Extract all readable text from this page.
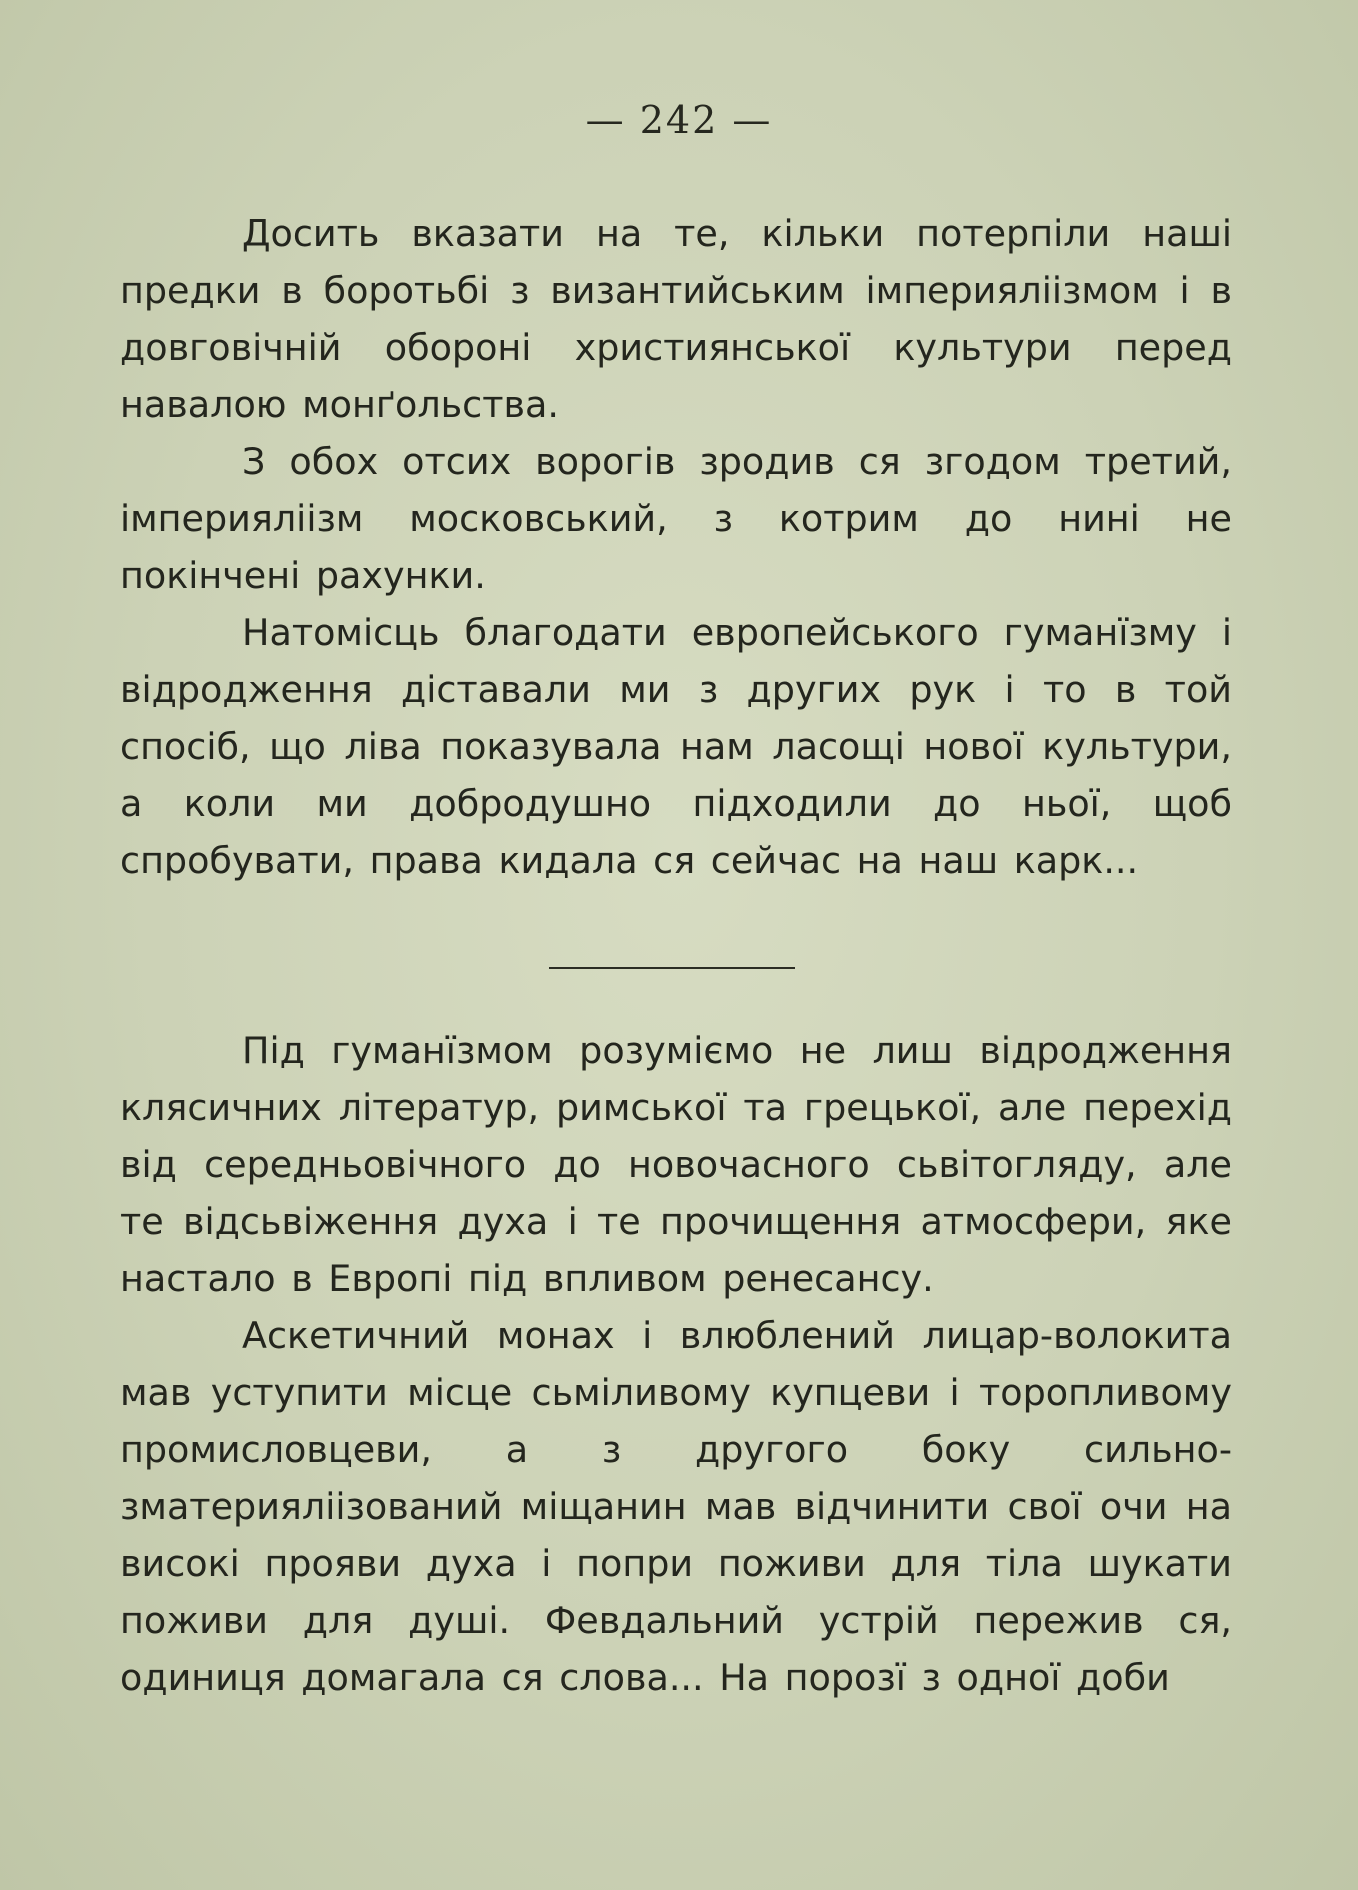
— 242 —

Досить вказати на те, кільки потерпіли наші предки в боротьбі з византийським імперияліізмом і в довговічній обороні християнської культури перед навалою монґольства.

З обох отсих ворогів зродив ся згодом третий, імперияліізм московський, з котрим до нині не покінчені рахунки.

Натомісць благодати европейського гуманїзму і відродження діставали ми з других рук і то в той спосіб, що ліва показувала нам ласощі нової культури, а коли ми добродушно підходили до ньої, щоб спробувати, права кидала ся сейчас на наш карк...

Під гуманїзмом розуміємо не лиш відродження клясичних літератур, римської та грецької, але перехід від середньовічного до новочасного сьвітогляду, але те відсьвіження духа і те прочищення атмосфери, яке настало в Европі під впливом ренесансу.

Аскетичний монах і влюблений лицар-волокита мав уступити місце сьміливому купцеви і торопливому промисловцеви, а з другого боку сильно-зматерияліізований міщанин мав відчинити свої очи на високі прояви духа і попри поживи для тіла шукати поживи для душі. Февдальний устрій пережив ся, одиниця домагала ся слова... На порозї з одної доби
